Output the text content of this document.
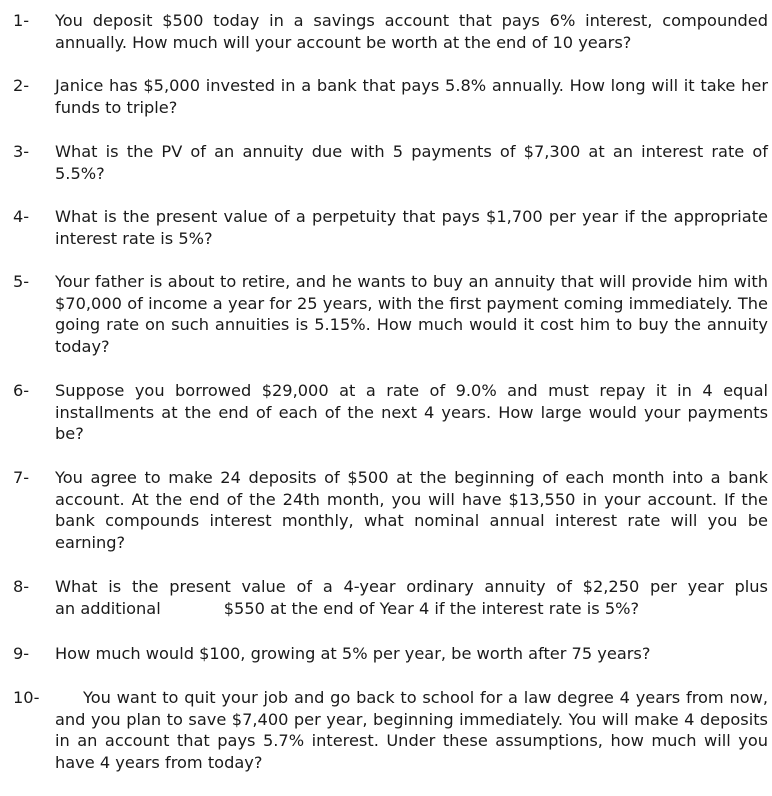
1-	You deposit $500 today in a savings account that pays 6% interest, compounded annually. How much will your account be worth at the end of 10 years?
2-	Janice has $5,000 invested in a bank that pays 5.8% annually. How long will it take her funds to triple?
3-	What is the PV of an annuity due with 5 payments of $7,300 at an interest rate of 5.5%?
4-	What is the present value of a perpetuity that pays $1,700 per year if the appropriate interest rate is 5%?
5-	Your father is about to retire, and he wants to buy an annuity that will provide him with $70,000 of income a year for 25 years, with the first payment coming immediately. The going rate on such annuities is 5.15%. How much would it cost him to buy the annuity today?
6-	Suppose you borrowed $29,000 at a rate of 9.0% and must repay it in 4 equal installments at the end of each of the next 4 years. How large would your payments be?
7-	You agree to make 24 deposits of $500 at the beginning of each month into a bank account. At the end of the 24th month, you will have $13,550 in your account. If the bank compounds interest monthly, what nominal annual interest rate will you be earning?
8-	What is the present value of a 4-year ordinary annuity of $2,250 per year plus
an additional	$550 at the end of Year 4 if the interest rate is 5%?
9-	How much would $100, growing at 5% per year, be worth after 75 years?
10-	You want to quit your job and go back to school for a law degree 4 years from now, and you plan to save $7,400 per year, beginning immediately. You will make 4 deposits in an account that pays 5.7% interest. Under these assumptions, how much will you have 4 years from today?
